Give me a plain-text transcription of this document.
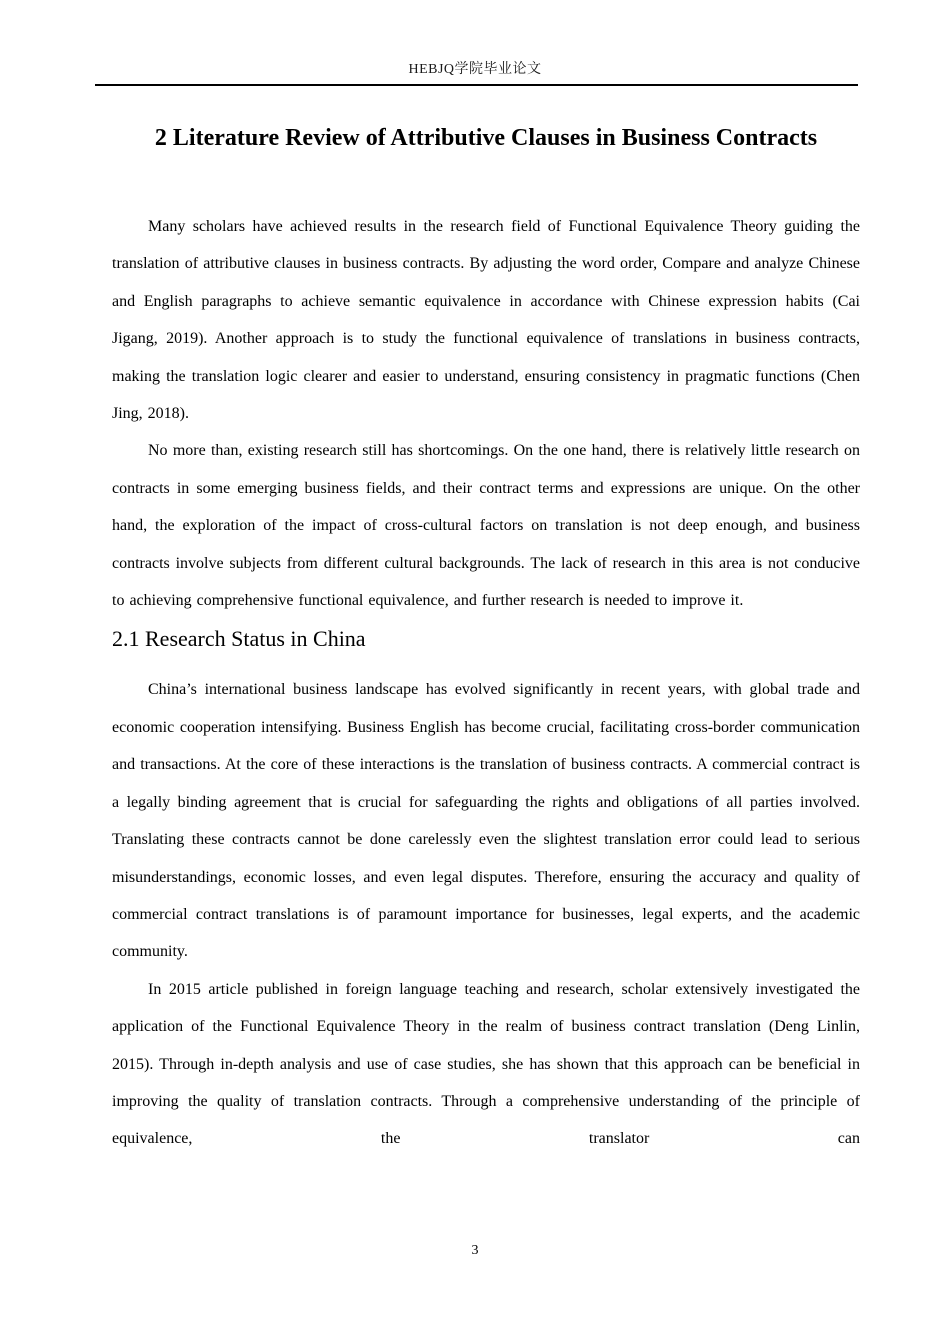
HEBJQ学院毕业论文
2 Literature Review of Attributive Clauses in Business Contracts

Many scholars have achieved results in the research field of Functional Equivalence Theory guiding the translation of attributive clauses in business contracts. By adjusting the word order, Compare and analyze Chinese and English paragraphs to achieve semantic equivalence in accordance with Chinese expression habits (Cai Jigang, 2019). Another approach is to study the functional equivalence of translations in business contracts, making the translation logic clearer and easier to understand, ensuring consistency in pragmatic functions (Chen Jing, 2018).

No more than, existing research still has shortcomings. On the one hand, there is relatively little research on contracts in some emerging business fields, and their contract terms and expressions are unique. On the other hand, the exploration of the impact of cross-cultural factors on translation is not deep enough, and business contracts involve subjects from different cultural backgrounds. The lack of research in this area is not conducive to achieving comprehensive functional equivalence, and further research is needed to improve it.

2.1 Research Status in China

China’s international business landscape has evolved significantly in recent years, with global trade and economic cooperation intensifying. Business English has become crucial, facilitating cross-border communication and transactions. At the core of these interactions is the translation of business contracts. A commercial contract is a legally binding agreement that is crucial for safeguarding the rights and obligations of all parties involved. Translating these contracts cannot be done carelessly even the slightest translation error could lead to serious misunderstandings, economic losses, and even legal disputes. Therefore, ensuring the accuracy and quality of commercial contract translations is of paramount importance for businesses, legal experts, and the academic community.

In 2015 article published in foreign language teaching and research, scholar extensively investigated the application of the Functional Equivalence Theory in the realm of business contract translation (Deng Linlin, 2015). Through in-depth analysis and use of case studies, she has shown that this approach can be beneficial in improving the quality of translation contracts. Through a comprehensive understanding of the principle of equivalence, the translator can

3
